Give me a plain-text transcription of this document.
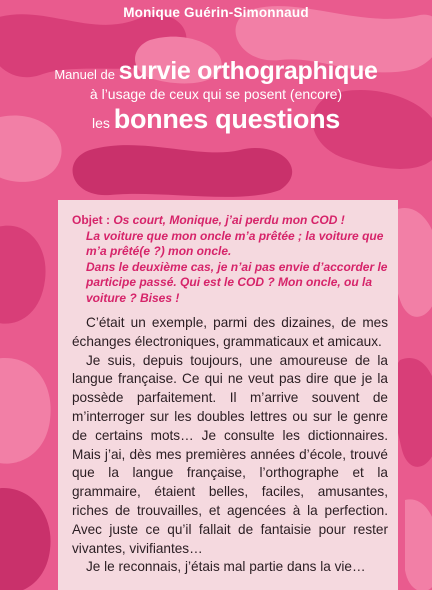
Monique Guérin-Simonnaud
Manuel de survie orthographique
à l’usage de ceux qui se posent (encore)
les bonnes questions

Objet : Os court, Monique, j’ai perdu mon COD !

La voiture que mon oncle m’a prêtée ; la voiture que m’a prêté(e ?) mon oncle.

Dans le deuxième cas, je n’ai pas envie d’accorder le participe passé. Qui est le COD ? Mon oncle, ou la voiture ? Bises !

C’était un exemple, parmi des dizaines, de mes échanges électroniques, grammaticaux et amicaux.

Je suis, depuis toujours, une amoureuse de la langue française. Ce qui ne veut pas dire que je la possède parfaitement. Il m’arrive souvent de m’interroger sur les doubles lettres ou sur le genre de certains mots… Je consulte les dictionnaires. Mais j’ai, dès mes premières années d’école, trouvé que la langue française, l’orthographe et la grammaire, étaient belles, faciles, amusantes, riches de trouvailles, et agencées à la perfection. Avec juste ce qu’il fallait de fantaisie pour rester vivantes, vivifiantes…

Je le reconnais, j’étais mal partie dans la vie…
